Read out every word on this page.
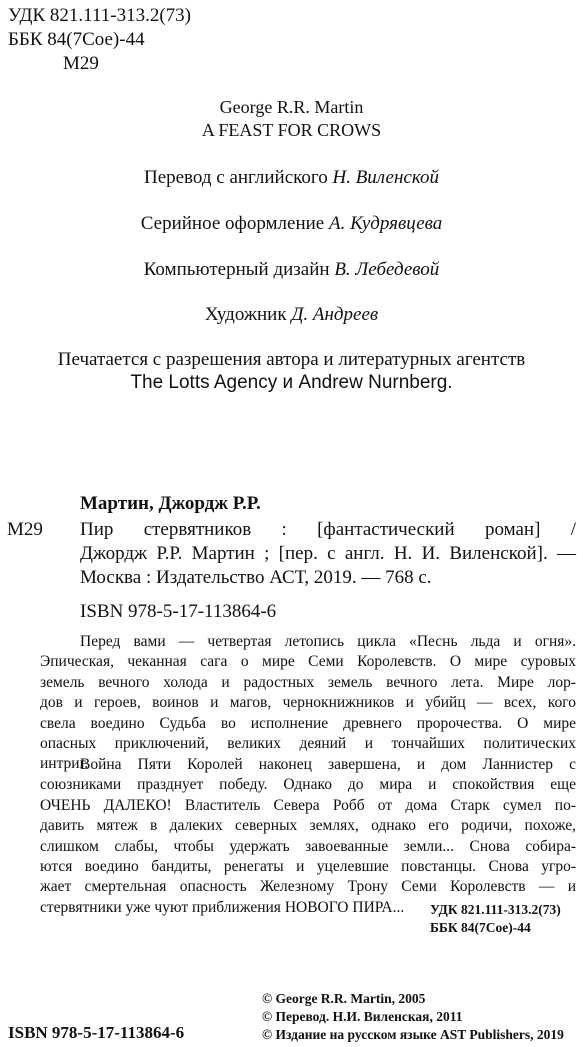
УДК 821.111-313.2(73)
ББК 84(7Сое)-44
М29
George R.R. Martin
A FEAST FOR CROWS
Перевод с английского Н. Виленской
Серийное оформление А. Кудрявцева
Компьютерный дизайн В. Лебедевой
Художник Д. Андреев
Печатается с разрешения автора и литературных агентств
The Lotts Agency и Andrew Nurnberg.
Мартин, Джордж Р.Р.
М29 Пир стервятников : [фантастический роман] /
Джордж Р.Р. Мартин ; [пер. с англ. Н. И. Виленской]. —
Москва : Издательство АСТ, 2019. — 768 с.
ISBN 978-5-17-113864-6
Перед вами — четвертая летопись цикла «Песнь льда и огня».
Эпическая, чеканная сага о мире Семи Королевств. О мире суровых
земель вечного холода и радостных земель вечного лета. Мире лор-
дов и героев, воинов и магов, чернокнижников и убийц — всех, кого
свела воедино Судьба во исполнение древнего пророчества. О мире
опасных приключений, великих деяний и тончайших политических
интриг.
Война Пяти Королей наконец завершена, и дом Ланнистер с
союзниками празднует победу. Однако до мира и спокойствия еще
ОЧЕНЬ ДАЛЕКО! Властитель Севера Робб от дома Старк сумел по-
давить мятеж в далеких северных землях, однако его родичи, похоже,
слишком слабы, чтобы удержать завоеванные земли... Снова собира-
ются воедино бандиты, ренегаты и уцелевшие повстанцы. Снова угро-
жает смертельная опасность Железному Трону Семи Королевств — и
стервятники уже чуют приближения НОВОГО ПИРА...	УДК 821.111-313.2(73)
ББК 84(7Сое)-44
© George R.R. Martin, 2005
© Перевод. Н.И. Виленская, 2011
© Издание на русском языке AST Publishers, 2019
ISBN 978-5-17-113864-6
